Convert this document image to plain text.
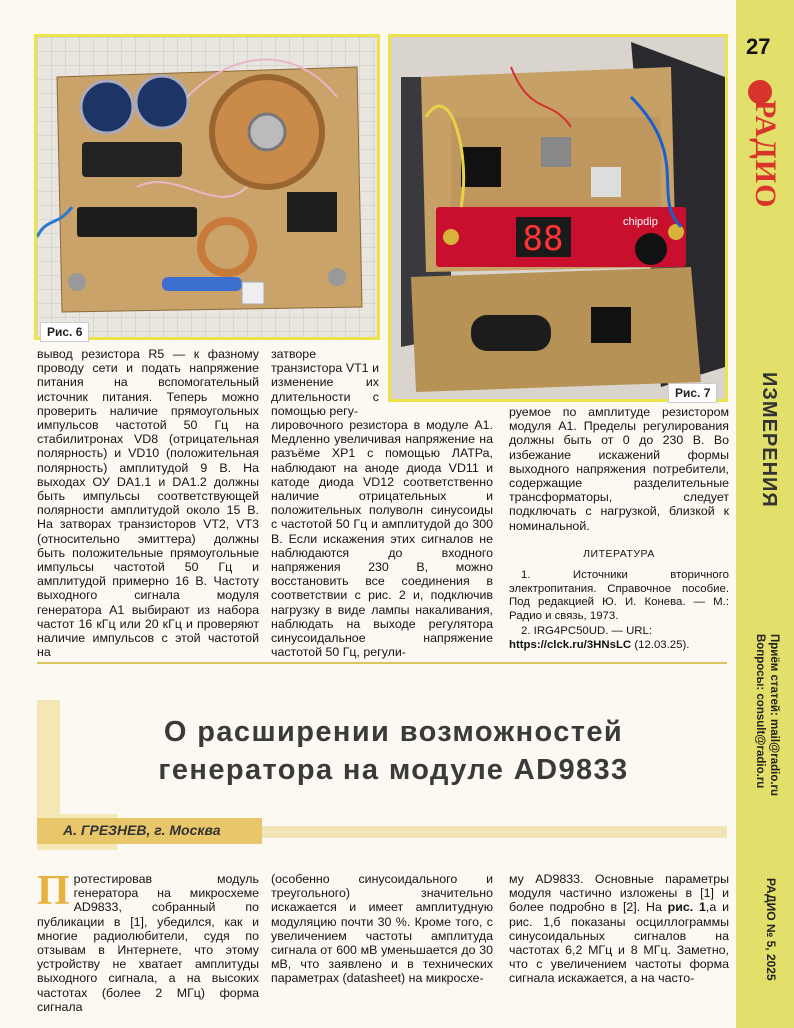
Рис. 6
88	chipdip
Рис. 7

вывод резистора R5 — к фазному проводу сети и подать напряжение питания на вспомогательный источник питания. Теперь можно проверить наличие прямоугольных импульсов частотой 50 Гц на стабилитронах VD8 (отрицательная полярность) и VD10 (положительная полярность) амплитудой 9 В. На выходах ОУ DA1.1 и DA1.2 должны быть импульсы соответствующей полярности амплитудой около 15 В. На затворах транзисторов VT2, VT3 (относительно эмиттера) должны быть положительные прямоугольные импульсы частотой 50 Гц и амплитудой примерно 16 В. Частоту выходного сигнала модуля генератора A1 выбирают из набора частот 16 кГц или 20 кГц и проверяют наличие импульсов с этой частотой на

затворе транзистора VT1 и изменение их длительности с помощью регу-

лировочного резистора в модуле A1. Медленно увеличивая напряжение на разъёме XP1 с помощью ЛАТРа, наблюдают на аноде диода VD11 и катоде диода VD12 соответственно наличие отрицательных и положительных полуволн синусоиды с частотой 50 Гц и амплитудой до 300 В. Если искажения этих сигналов не наблюдаются до входного напряжения 230 В, можно восстановить все соединения в соответствии с рис. 2 и, подключив нагрузку в виде лампы накаливания, наблюдать на выходе регулятора синусоидальное напряжение частотой 50 Гц, регули-

руемое по амплитуде резистором модуля A1. Пределы регулирования должны быть от 0 до 230 В. Во избежание искажений формы выходного напряжения потребители, содержащие разделительные трансформаторы, следует подключать с нагрузкой, близкой к номинальной.

ЛИТЕРАТУРА

1. Источники вторичного электропитания. Справочное пособие. Под редакцией Ю. И. Конева. — М.: Радио и связь, 1973.

2. IRG4PC50UD. — URL:
https://clck.ru/3HNsLC (12.03.25).

О расширении возможностей
генератора на модуле AD9833
А. ГРЕЗНЕВ, г. Москва
П ротестировав модуль генератора на микросхеме AD9833, собранный по публикации в [1], убедился, как и многие радиолюбители, судя по отзывам в Интернете, что этому устройству не хватает амплитуды выходного сигнала, а на высоких частотах (более 2 МГц) форма сигнала

(особенно синусоидального и треугольного) значительно искажается и имеет амплитудную модуляцию почти 30 %. Кроме того, с увеличением частоты амплитуда сигнала от 600 мВ уменьшается до 30 мВ, что заявлено и в технических параметрах (datasheet) на микросхе-

му AD9833. Основные параметры модуля частично изложены в [1] и более подробно в [2]. На рис. 1,а и рис. 1,б показаны осциллограммы синусоидальных сигналов на частотах 6,2 МГц и 8 МГц. Заметно, что с увеличением частоты форма сигнала искажается, а на часто-

27
РАДИО
ИЗМЕРЕНИЯ
Приём статей: mail@radio.ru
Вопросы: consult@radio.ru
РАДИО № 5, 2025
